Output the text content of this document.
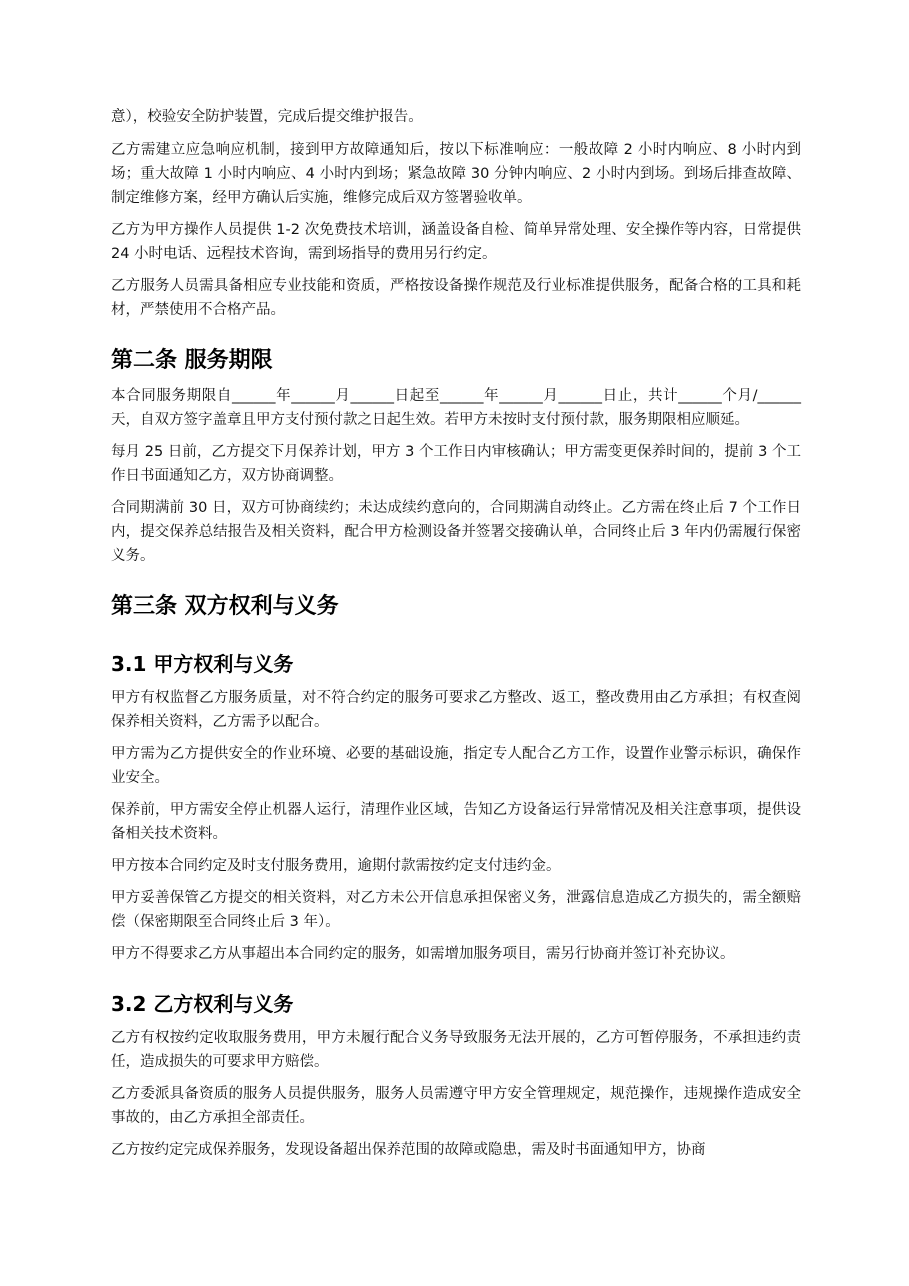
意），校验安全防护装置，完成后提交维护报告。

乙方需建立应急响应机制，接到甲方故障通知后，按以下标准响应：一般故障 2 小时内响应、8 小时内到场；重大故障 1 小时内响应、4 小时内到场；紧急故障 30 分钟内响应、2 小时内到场。到场后排查故障、制定维修方案，经甲方确认后实施，维修完成后双方签署验收单。

乙方为甲方操作人员提供 1-2 次免费技术培训，涵盖设备自检、简单异常处理、安全操作等内容，日常提供 24 小时电话、远程技术咨询，需到场指导的费用另行约定。

乙方服务人员需具备相应专业技能和资质，严格按设备操作规范及行业标准提供服务，配备合格的工具和耗材，严禁使用不合格产品。

第二条 服务期限

本合同服务期限自______年______月______日起至______年______月______日止，共计______个月/______天，自双方签字盖章且甲方支付预付款之日起生效。若甲方未按时支付预付款，服务期限相应顺延。

每月 25 日前，乙方提交下月保养计划，甲方 3 个工作日内审核确认；甲方需变更保养时间的，提前 3 个工作日书面通知乙方，双方协商调整。

合同期满前 30 日，双方可协商续约；未达成续约意向的，合同期满自动终止。乙方需在终止后 7 个工作日内，提交保养总结报告及相关资料，配合甲方检测设备并签署交接确认单，合同终止后 3 年内仍需履行保密义务。

第三条 双方权利与义务
3.1 甲方权利与义务

甲方有权监督乙方服务质量，对不符合约定的服务可要求乙方整改、返工，整改费用由乙方承担；有权查阅保养相关资料，乙方需予以配合。

甲方需为乙方提供安全的作业环境、必要的基础设施，指定专人配合乙方工作，设置作业警示标识，确保作业安全。

保养前，甲方需安全停止机器人运行，清理作业区域，告知乙方设备运行异常情况及相关注意事项，提供设备相关技术资料。

甲方按本合同约定及时支付服务费用，逾期付款需按约定支付违约金。

甲方妥善保管乙方提交的相关资料，对乙方未公开信息承担保密义务，泄露信息造成乙方损失的，需全额赔偿（保密期限至合同终止后 3 年）。

甲方不得要求乙方从事超出本合同约定的服务，如需增加服务项目，需另行协商并签订补充协议。

3.2 乙方权利与义务

乙方有权按约定收取服务费用，甲方未履行配合义务导致服务无法开展的，乙方可暂停服务，不承担违约责任，造成损失的可要求甲方赔偿。

乙方委派具备资质的服务人员提供服务，服务人员需遵守甲方安全管理规定，规范操作，违规操作造成安全事故的，由乙方承担全部责任。

乙方按约定完成保养服务，发现设备超出保养范围的故障或隐患，需及时书面通知甲方，协商
